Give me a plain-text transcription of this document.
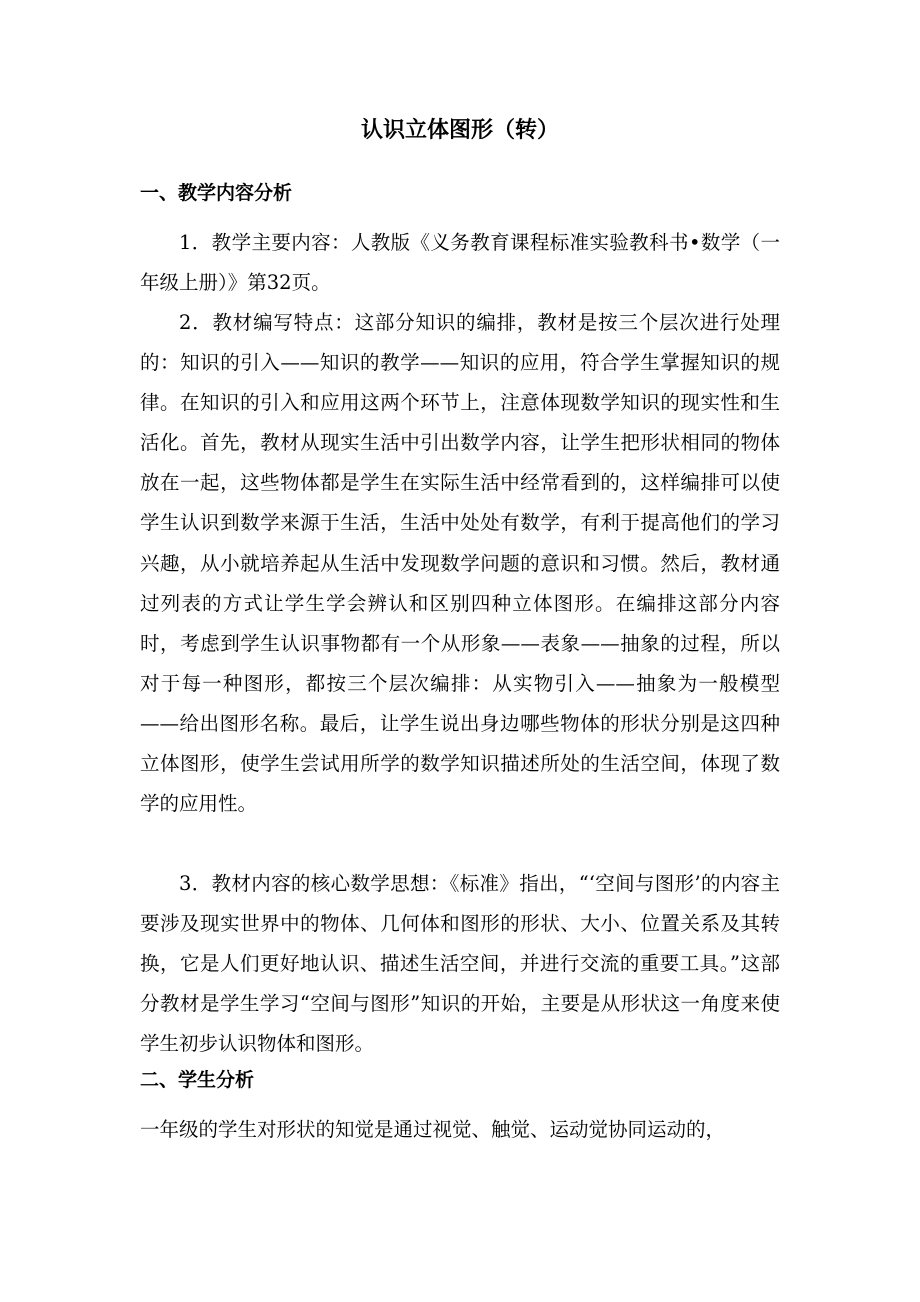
认识立体图形（转）
一、教学内容分析
1．教学主要内容：人教版《义务教育课程标准实验教科书•数学（一年级上册）》第32页。
2．教材编写特点：这部分知识的编排，教材是按三个层次进行处理的：知识的引入——知识的教学——知识的应用，符合学生掌握知识的规律。在知识的引入和应用这两个环节上，注意体现数学知识的现实性和生活化。首先，教材从现实生活中引出数学内容，让学生把形状相同的物体放在一起，这些物体都是学生在实际生活中经常看到的，这样编排可以使学生认识到数学来源于生活，生活中处处有数学，有利于提高他们的学习兴趣，从小就培养起从生活中发现数学问题的意识和习惯。然后，教材通过列表的方式让学生学会辨认和区别四种立体图形。在编排这部分内容时，考虑到学生认识事物都有一个从形象——表象——抽象的过程，所以对于每一种图形，都按三个层次编排：从实物引入——抽象为一般模型——给出图形名称。最后，让学生说出身边哪些物体的形状分别是这四种立体图形，使学生尝试用所学的数学知识描述所处的生活空间，体现了数学的应用性。
3．教材内容的核心数学思想：《标准》指出，“‘空间与图形’的内容主要涉及现实世界中的物体、几何体和图形的形状、大小、位置关系及其转换，它是人们更好地认识、描述生活空间，并进行交流的重要工具。”这部分教材是学生学习“空间与图形”知识的开始，主要是从形状这一角度来使学生初步认识物体和图形。
二、学生分析
一年级的学生对形状的知觉是通过视觉、触觉、运动觉协同运动的，
